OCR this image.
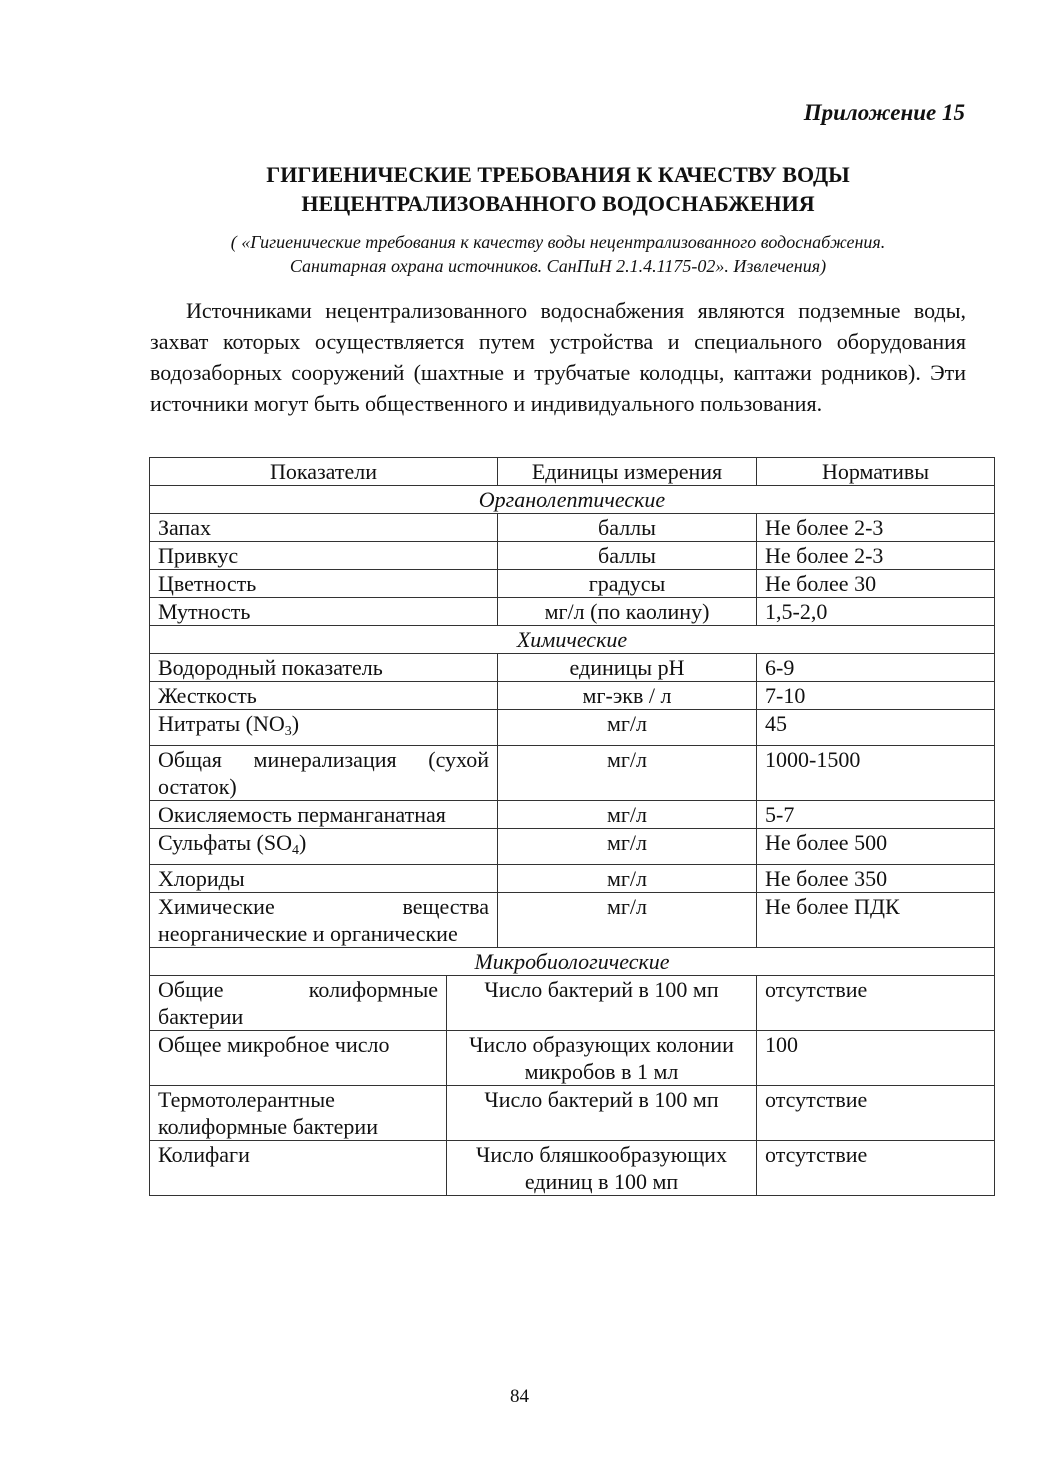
Приложение 15
ГИГИЕНИЧЕСКИЕ ТРЕБОВАНИЯ К КАЧЕСТВУ ВОДЫ
НЕЦЕНТРАЛИЗОВАННОГО ВОДОСНАБЖЕНИЯ
( «Гигиенические требования к качеству воды нецентрализованного водоснабжения.
Санитарная охрана источников. СанПиН 2.1.4.1175-02». Извлечения)

Источниками нецентрализованного водоснабжения являются подземные воды, захват которых осуществляется путем устройства и специального оборудования водозаборных сооружений (шахтные и трубчатые колодцы, каптажи родников). Эти источники могут быть общественного и индивидуального пользования.

Показатели		Единицы измерения	Нормативы
Органолептические			
Запах		баллы	Не более 2-3
Привкус		баллы	Не более 2-3
Цветность		градусы	Не более 30
Мутность		мг/л (по каолину)	1,5-2,0
Химические			
Водородный показатель		единицы pH	6-9
Жесткость		мг-экв / л	7-10
Нитраты $(NO_3)$		мг/л	45
Общая минерализация (сухой остаток)		мг/л	1000-1500
Окисляемость перманганатная		мг/л	5-7
Сульфаты $(SO_4)$		мг/л	Не более 500
Хлориды		мг/л	Не более 350
Химические вещества неорганические и органические		мг/л	Не более ПДК
Микробиологические			
Общие колиформные бактерии	Число бактерий в 100 мп		отсутствие
Общее микробное число	Число образующих колонии микробов в 1 мл		100
Термотолерантные колиформные бактерии	Число бактерий в 100 мп		отсутствие
Колифаги	Число бляшкообразующих единиц в 100 мп		отсутствие
84
